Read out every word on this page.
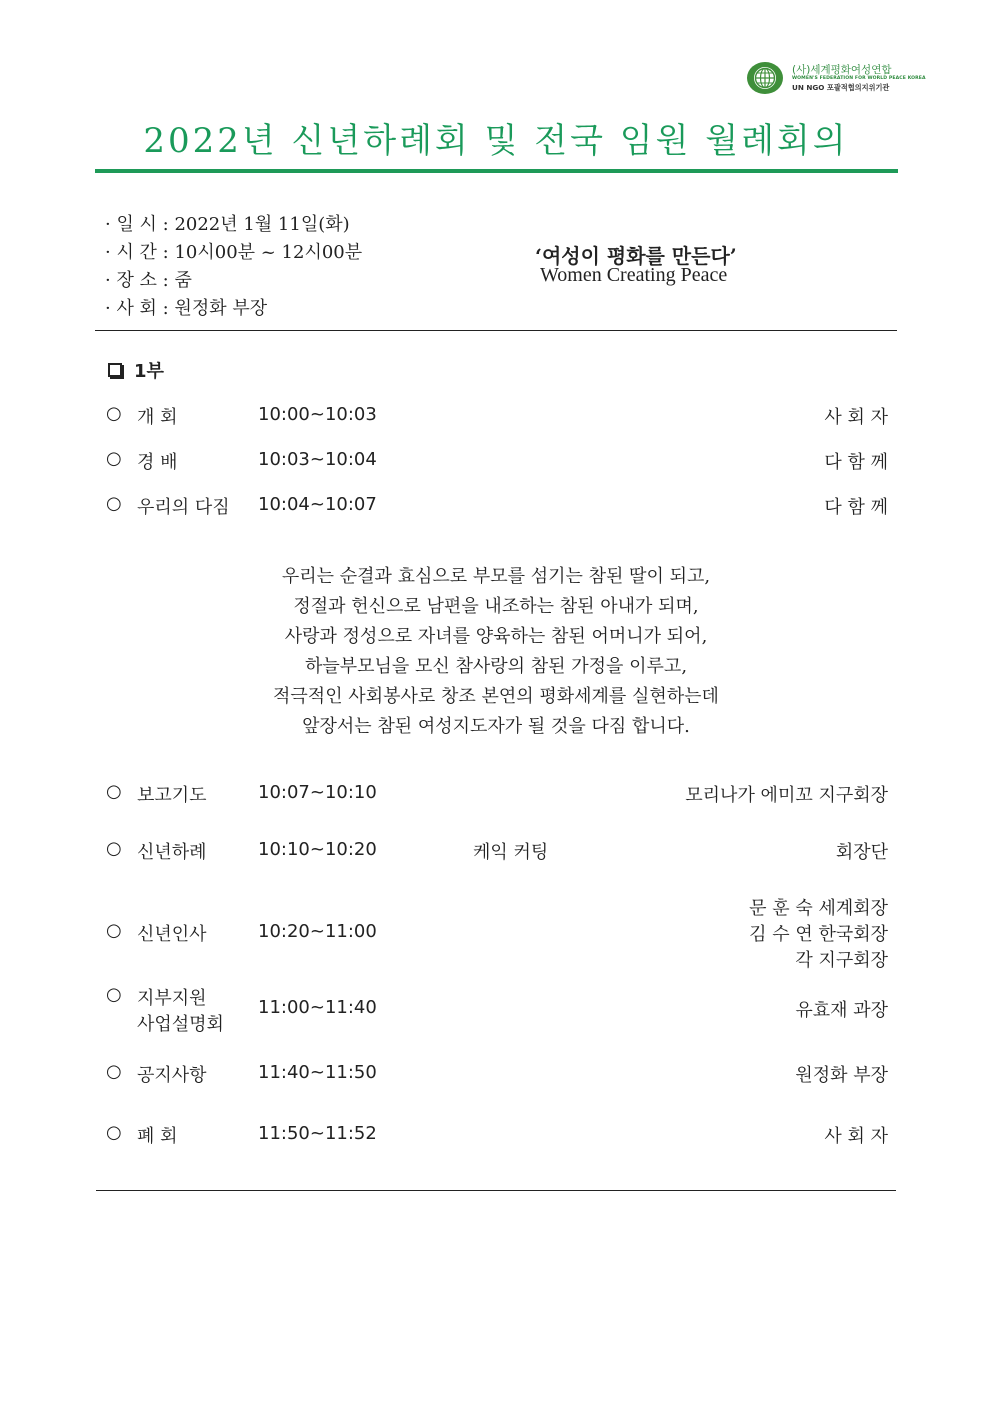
(사)세계평화여성연합
WOMEN'S FEDERATION FOR WORLD PEACE KOREA
UN NGO 포괄적협의지위기관
2022년 신년하례회 및 전국 임원 월례회의
· 일 시 : 2022년 1월 11일(화)
· 시 간 : 10시00분 ~ 12시00분
· 장 소 : 줌
· 사 회 : 원정화 부장
‘여성이 평화를 만든다’
Women Creating Peace
1부
○ 개 회	10:00~10:03	사 회 자
○ 경 배	10:03~10:04	다 함 께
○ 우리의 다짐 10:04~10:07	다 함 께
우리는 순결과 효심으로 부모를 섬기는 참된 딸이 되고,
정절과 헌신으로 남편을 내조하는 참된 아내가 되며,
사랑과 정성으로 자녀를 양육하는 참된 어머니가 되어,
하늘부모님을 모신 참사랑의 참된 가정을 이루고,
적극적인 사회봉사로 창조 본연의 평화세계를 실현하는데
앞장서는 참된 여성지도자가 될 것을 다짐 합니다.
○ 보고기도	10:07~10:10	모리나가 에미꼬 지구회장
○ 신년하례	10:10~10:20	케익 커팅	회장단
○ 신년인사	10:20~11:00
문 훈 숙 세계회장
김 수 연 한국회장
각 지구회장
○ 지부지원
사업설명회
11:00~11:40	유효재 과장
○ 공지사항	11:40~11:50	원정화 부장
○ 폐 회	11:50~11:52	사 회 자
